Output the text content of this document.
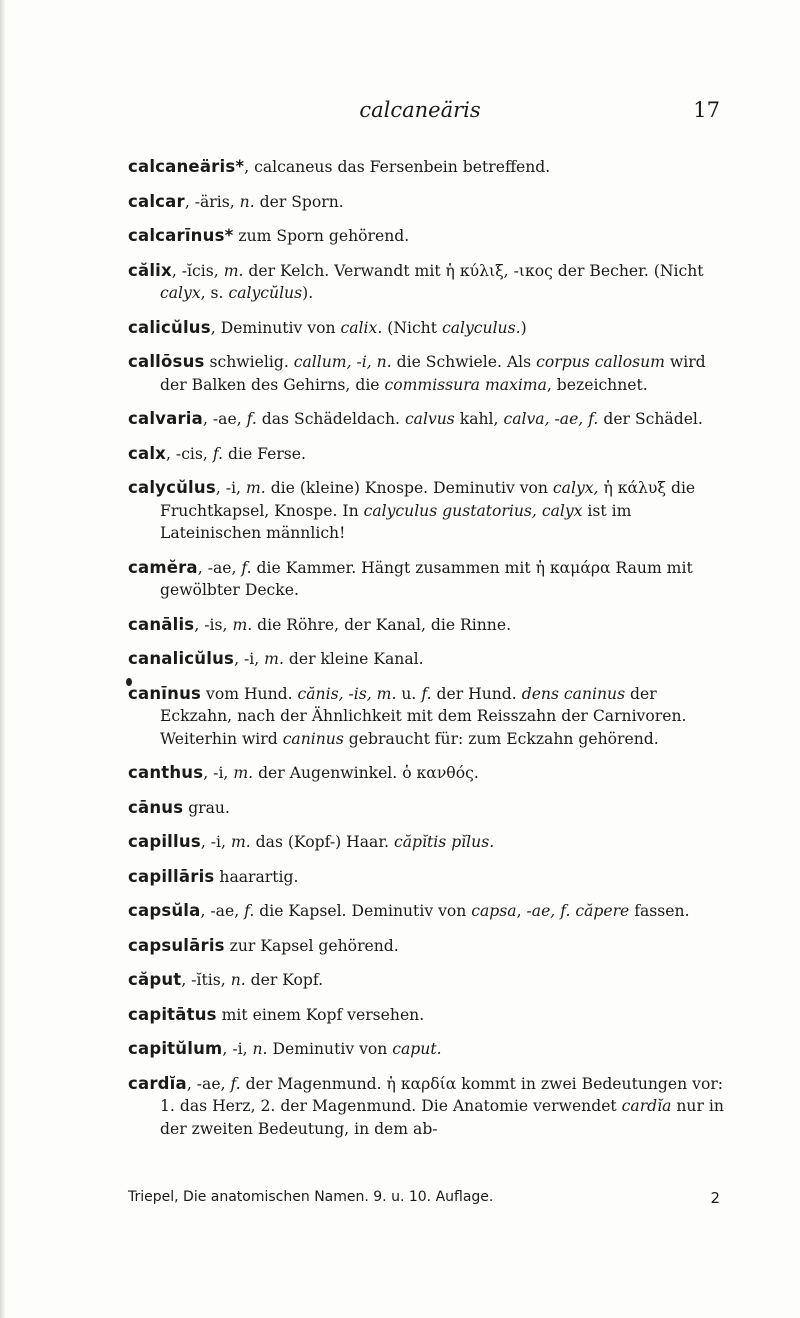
calcaneäris	17

calcaneäris*, calcaneus das Fersenbein betreffend.

calcar, -äris, n. der Sporn.

calcarīnus* zum Sporn gehörend.

călix, -ĭcis, m. der Kelch. Verwandt mit ἡ κύλιξ, -ικος der Becher. (Nicht calyx, s. calycŭlus).

calicŭlus, Deminutiv von calix. (Nicht calyculus.)

callōsus schwielig. callum, -i, n. die Schwiele. Als corpus callosum wird der Balken des Gehirns, die commissura maxima, bezeichnet.

calvaria, -ae, f. das Schädeldach. calvus kahl, calva, -ae, f. der Schädel.

calx, -cis, f. die Ferse.

calycŭlus, -i, m. die (kleine) Knospe. Deminutiv von calyx, ἡ κάλυξ die Fruchtkapsel, Knospe. In calyculus gustatorius, calyx ist im Lateinischen männlich!

camĕra, -ae, f. die Kammer. Hängt zusammen mit ἡ καμάρα Raum mit gewölbter Decke.

canālis, -is, m. die Röhre, der Kanal, die Rinne.

canalicŭlus, -i, m. der kleine Kanal.

canīnus vom Hund. cănis, -is, m. u. f. der Hund. dens caninus der Eckzahn, nach der Ähnlichkeit mit dem Reisszahn der Carnivoren. Weiterhin wird caninus gebraucht für: zum Eckzahn gehörend.

canthus, -i, m. der Augenwinkel. ὁ κανθός.

cānus grau.

capillus, -i, m. das (Kopf-) Haar. căpĭtis pĭlus.

capillāris haarartig.

capsŭla, -ae, f. die Kapsel. Deminutiv von capsa, -ae, f. căpere fassen.

capsulāris zur Kapsel gehörend.

căput, -ĭtis, n. der Kopf.

capitātus mit einem Kopf versehen.

capitŭlum, -i, n. Deminutiv von caput.

cardĭa, -ae, f. der Magenmund. ἡ καρδία kommt in zwei Bedeutungen vor: 1. das Herz, 2. der Magenmund. Die Anatomie verwendet cardĭa nur in der zweiten Bedeutung, in dem ab-

Triepel, Die anatomischen Namen. 9. u. 10. Auflage.	2
